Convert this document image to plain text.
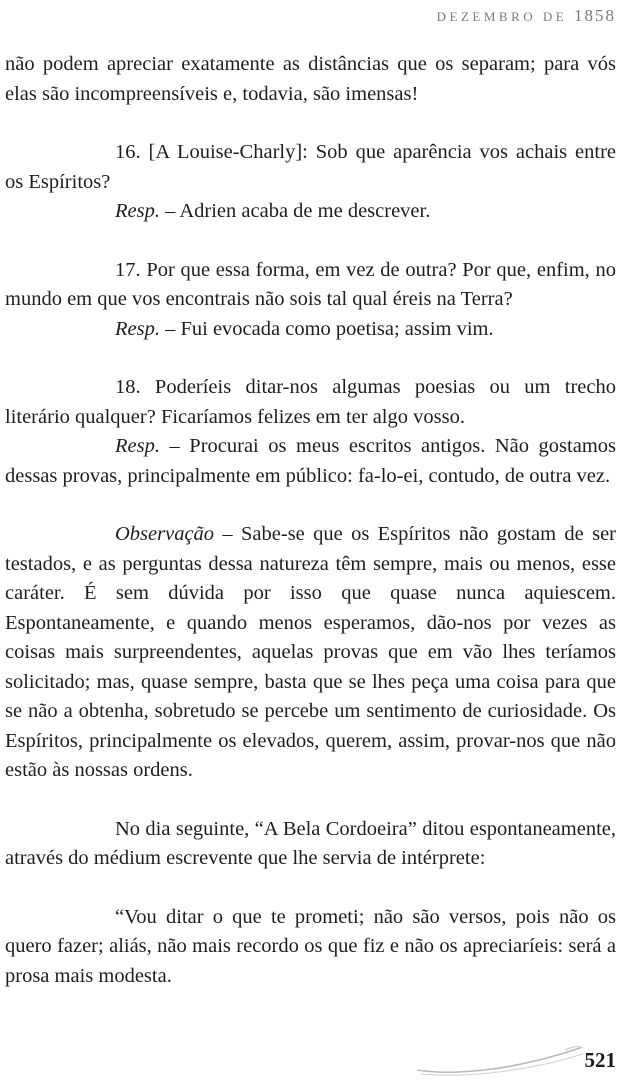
DEZEMBRO DE 1858

não podem apreciar exatamente as distâncias que os separam; para vós elas são incompreensíveis e, todavia, são imensas!

16. [A Louise-Charly]: Sob que aparência vos achais entre os Espíritos?

Resp. – Adrien acaba de me descrever.

17. Por que essa forma, em vez de outra? Por que, enfim, no mundo em que vos encontrais não sois tal qual éreis na Terra?

Resp. – Fui evocada como poetisa; assim vim.

18. Poderíeis ditar-nos algumas poesias ou um trecho literário qualquer? Ficaríamos felizes em ter algo vosso.

Resp. – Procurai os meus escritos antigos. Não gostamos dessas provas, principalmente em público: fa-lo-ei, contudo, de outra vez.

Observação – Sabe-se que os Espíritos não gostam de ser testados, e as perguntas dessa natureza têm sempre, mais ou menos, esse caráter. É sem dúvida por isso que quase nunca aquiescem. Espontaneamente, e quando menos esperamos, dão-nos por vezes as coisas mais surpreendentes, aquelas provas que em vão lhes teríamos solicitado; mas, quase sempre, basta que se lhes peça uma coisa para que se não a obtenha, sobretudo se percebe um sentimento de curiosidade. Os Espíritos, principalmente os elevados, querem, assim, provar-nos que não estão às nossas ordens.

No dia seguinte, “A Bela Cordoeira” ditou espontaneamente, através do médium escrevente que lhe servia de intérprete:

“Vou ditar o que te prometi; não são versos, pois não os quero fazer; aliás, não mais recordo os que fiz e não os apreciaríeis: será a prosa mais modesta.

521
